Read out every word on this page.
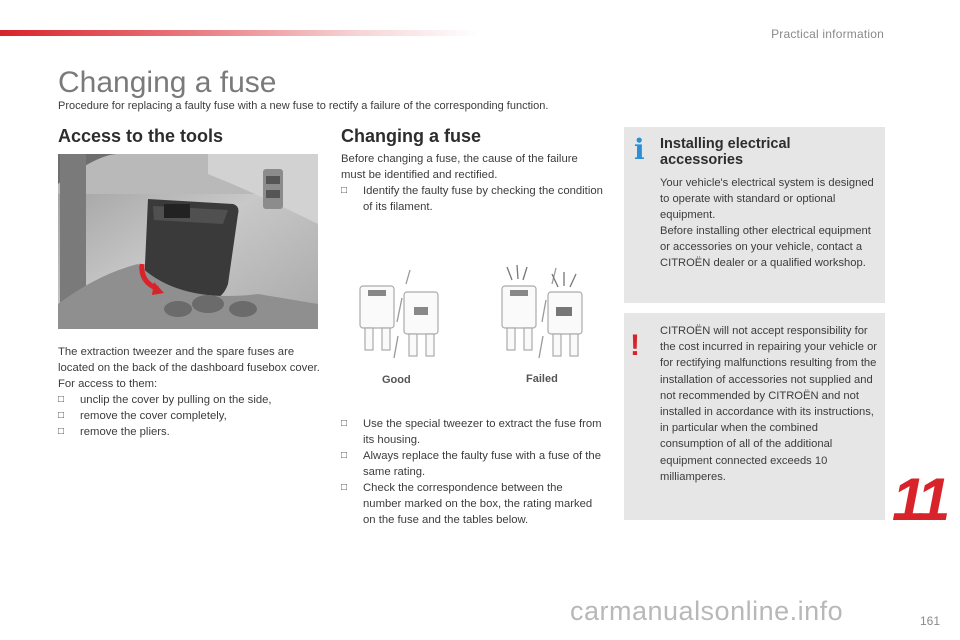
Practical information
Changing a fuse

Procedure for replacing a faulty fuse with a new fuse to rectify a failure of the corresponding function.

Access to the tools

The extraction tweezer and the spare fuses are located on the back of the dashboard fusebox cover.

For access to them:

□	unclip the cover by pulling on the side,
□	remove the cover completely,
□	remove the pliers.
Changing a fuse

Before changing a fuse, the cause of the failure must be identified and rectified.

□	Identify the faulty fuse by checking the condition of its filament.
Good	Failed
□	Use the special tweezer to extract the fuse from its housing.
□	Always replace the faulty fuse with a fuse of the same rating.
□	Check the correspondence between the number marked on the box, the rating marked on the fuse and the tables below.
i Installing electrical accessories
Your vehicle's electrical system is designed to operate with standard or optional equipment.
Before installing other electrical equipment or accessories on your vehicle, contact a CITROËN dealer or a qualified workshop.
! CITROËN will not accept responsibility for the cost incurred in repairing your vehicle or for rectifying malfunctions resulting from the installation of accessories not supplied and not recommended by CITROËN and not installed in accordance with its instructions, in particular when the combined consumption of all of the additional equipment connected exceeds 10 milliamperes.	11
161
carmanualsonline.info
